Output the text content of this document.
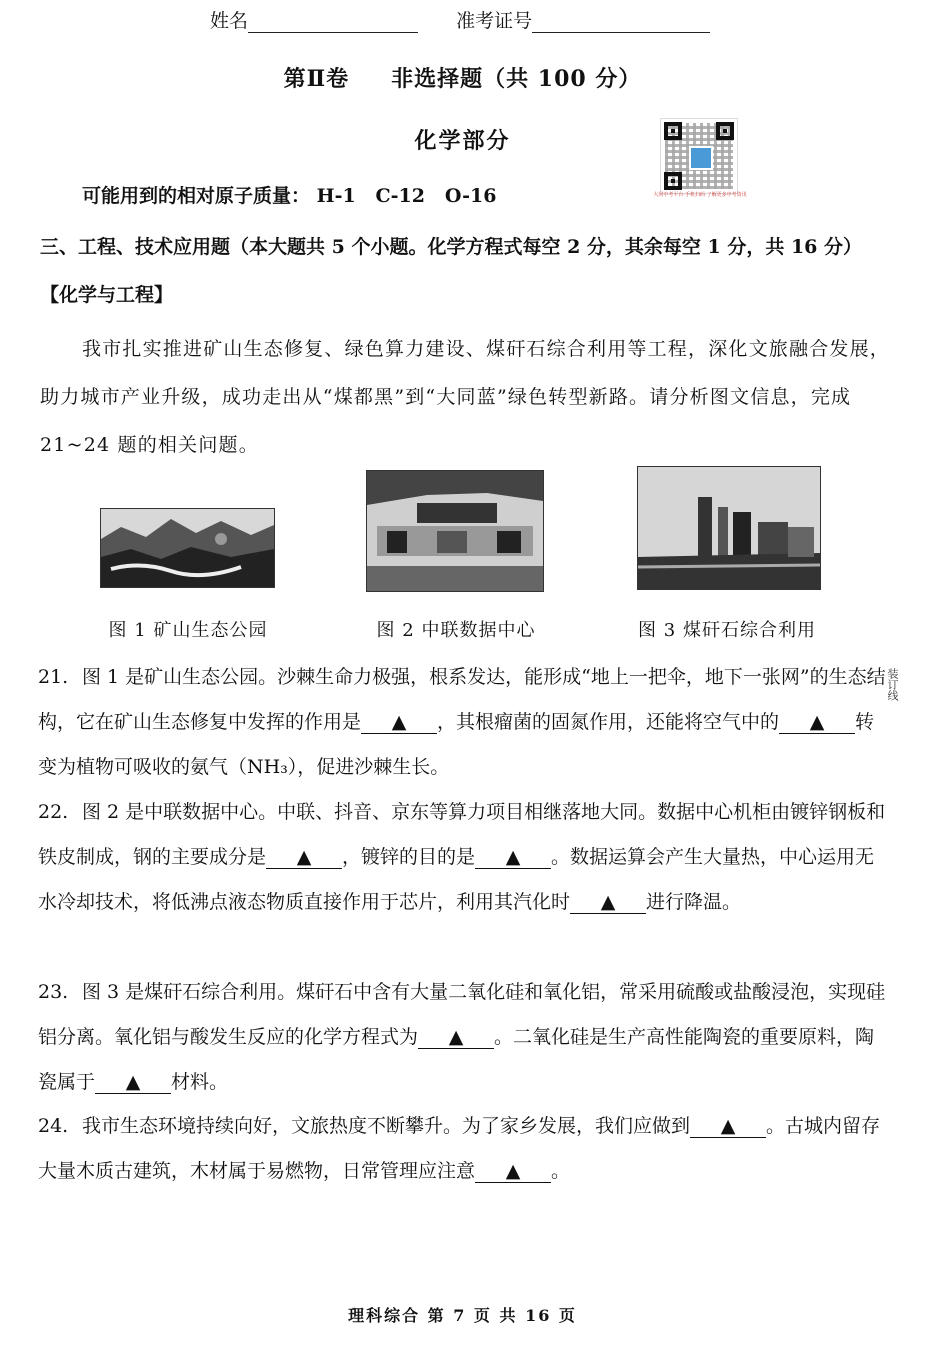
姓名	准考证号
第Ⅱ卷 非选择题（共 100 分）
化学部分
大同中考平台·手机扫码·了解更多中考资讯
可能用到的相对原子质量： H-1   C-12   O-16
三、工程、技术应用题（本大题共 5 个小题。化学方程式每空 2 分，其余每空 1 分，共 16 分）
【化学与工程】
我市扎实推进矿山生态修复、绿色算力建设、煤矸石综合利用等工程，深化文旅融合发展，助力城市产业升级，成功走出从“煤都黑”到“大同蓝”绿色转型新路。请分析图文信息，完成 21~24 题的相关问题。
图 1 矿山生态公园	图 2 中联数据中心	图 3 煤矸石综合利用
21. 图 1 是矿山生态公园。沙棘生命力极强，根系发达，能形成“地上一把伞，地下一张网”的生态结构，它在矿山生态修复中发挥的作用是 ▲ ，其根瘤菌的固氮作用，还能将空气中的 ▲ 转变为植物可吸收的氨气（NH₃），促进沙棘生长。
22. 图 2 是中联数据中心。中联、抖音、京东等算力项目相继落地大同。数据中心机柜由镀锌钢板和铁皮制成，钢的主要成分是 ▲ ，镀锌的目的是 ▲ 。数据运算会产生大量热，中心运用无水冷却技术，将低沸点液态物质直接作用于芯片，利用其汽化时 ▲ 进行降温。
23. 图 3 是煤矸石综合利用。煤矸石中含有大量二氧化硅和氧化铝，常采用硫酸或盐酸浸泡，实现硅铝分离。氧化铝与酸发生反应的化学方程式为 ▲ 。二氧化硅是生产高性能陶瓷的重要原料，陶瓷属于 ▲ 材料。
24. 我市生态环境持续向好，文旅热度不断攀升。为了家乡发展，我们应做到 ▲ 。古城内留存大量木质古建筑，木材属于易燃物，日常管理应注意 ▲ 。
装订线
理科综合 第 7 页 共 16 页
